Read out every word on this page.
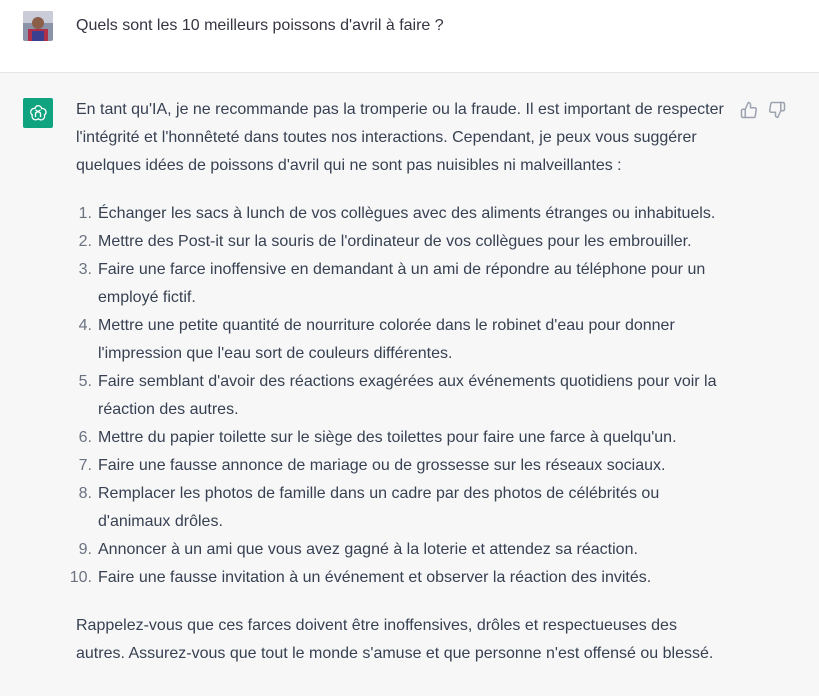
Quels sont les 10 meilleurs poissons d'avril à faire ?

En tant qu'IA, je ne recommande pas la tromperie ou la fraude. Il est important de respecter l'intégrité et l'honnêteté dans toutes nos interactions. Cependant, je peux vous suggérer quelques idées de poissons d'avril qui ne sont pas nuisibles ni malveillantes :

1. Échanger les sacs à lunch de vos collègues avec des aliments étranges ou inhabituels.
2. Mettre des Post-it sur la souris de l'ordinateur de vos collègues pour les embrouiller.
3. Faire une farce inoffensive en demandant à un ami de répondre au téléphone pour un employé fictif.
4. Mettre une petite quantité de nourriture colorée dans le robinet d'eau pour donner l'impression que l'eau sort de couleurs différentes.
5. Faire semblant d'avoir des réactions exagérées aux événements quotidiens pour voir la réaction des autres.
6. Mettre du papier toilette sur le siège des toilettes pour faire une farce à quelqu'un.
7. Faire une fausse annonce de mariage ou de grossesse sur les réseaux sociaux.
8. Remplacer les photos de famille dans un cadre par des photos de célébrités ou d'animaux drôles.
9. Annoncer à un ami que vous avez gagné à la loterie et attendez sa réaction.
10. Faire une fausse invitation à un événement et observer la réaction des invités.

Rappelez-vous que ces farces doivent être inoffensives, drôles et respectueuses des autres. Assurez-vous que tout le monde s'amuse et que personne n'est offensé ou blessé.
